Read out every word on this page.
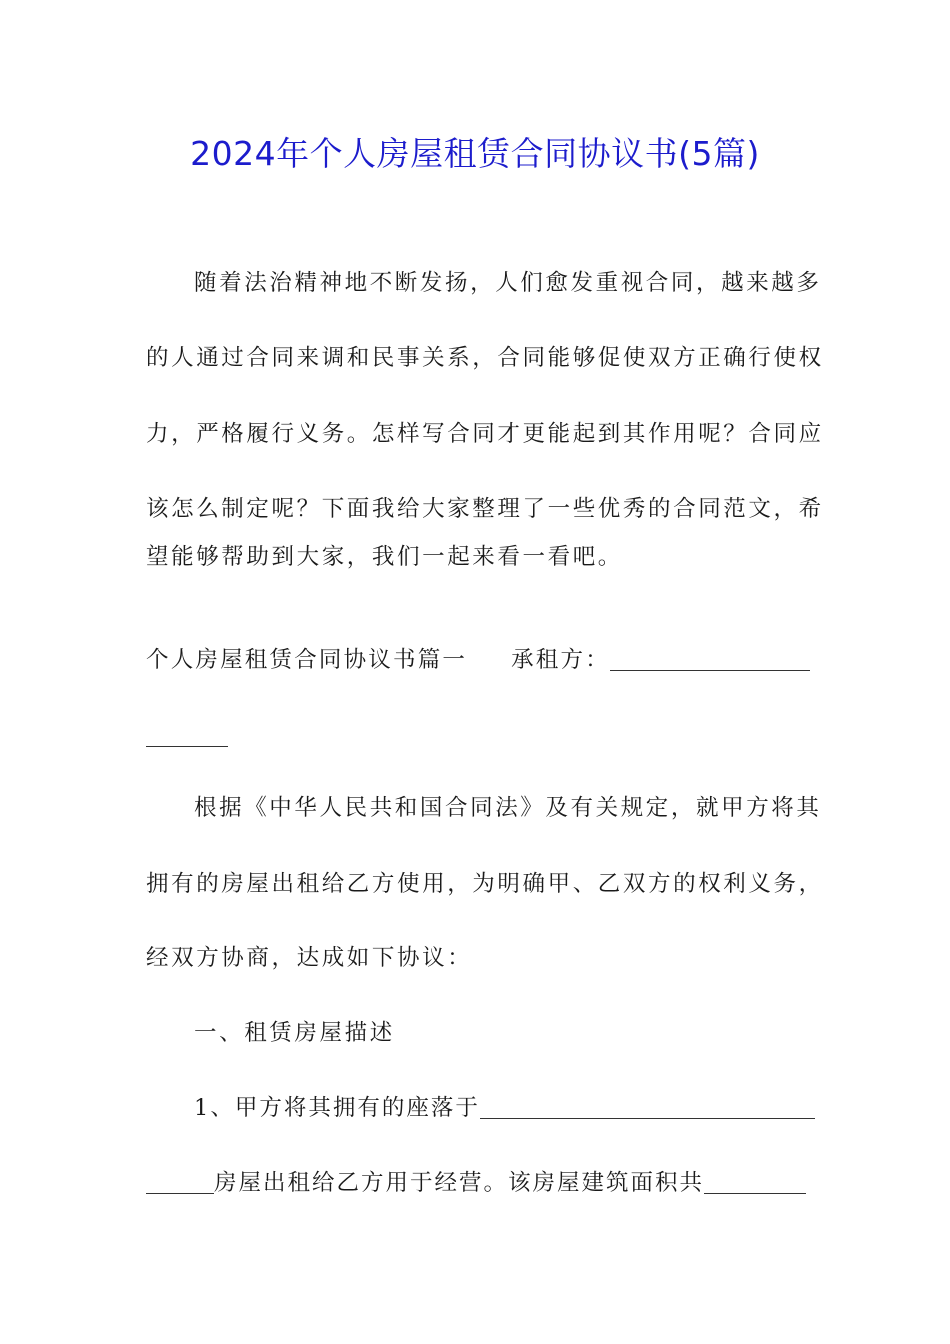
2024年个人房屋租赁合同协议书(5篇)
随着法治精神地不断发扬，人们愈发重视合同，越来越多
的人通过合同来调和民事关系，合同能够促使双方正确行使权
力，严格履行义务。怎样写合同才更能起到其作用呢？合同应
该怎么制定呢？下面我给大家整理了一些优秀的合同范文，希
望能够帮助到大家，我们一起来看一看吧。
个人房屋租赁合同协议书篇一 承租方：
根据《中华人民共和国合同法》及有关规定，就甲方将其
拥有的房屋出租给乙方使用，为明确甲、乙双方的权利义务，
经双方协商，达成如下协议：
一、租赁房屋描述
1、甲方将其拥有的座落于
房屋出租给乙方用于经营。该房屋建筑面积共
